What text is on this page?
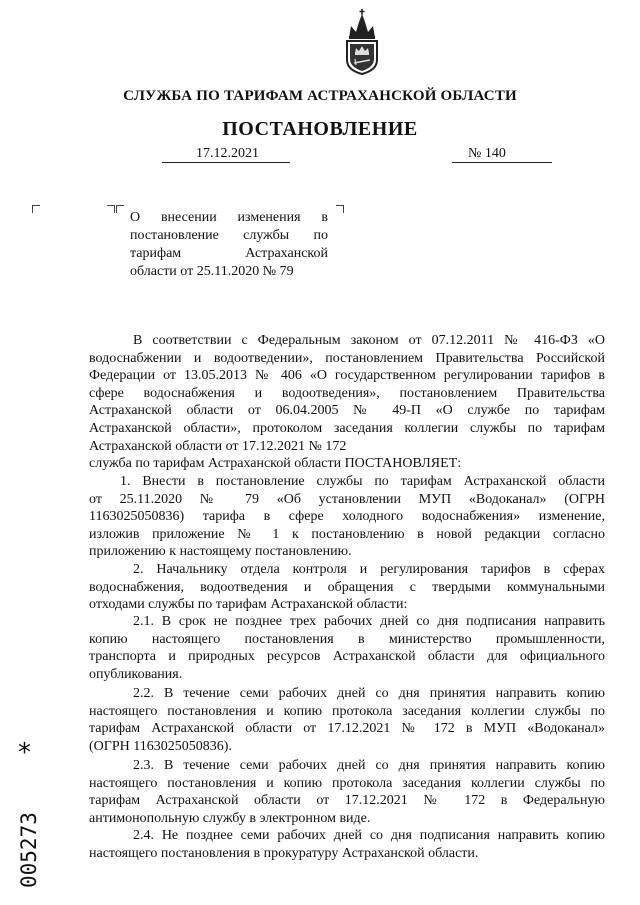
СЛУЖБА ПО ТАРИФАМ АСТРАХАНСКОЙ ОБЛАСТИ
ПОСТАНОВЛЕНИЕ
17.12.2021	№ 140
О внесении изменения в
постановление службы по
тарифам Астраханской
области от 25.11.2020 № 79
В соответствии с Федеральным законом от 07.12.2011 № 416-ФЗ «О
водоснабжении и водоотведении», постановлением Правительства Российской
Федерации от 13.05.2013 № 406 «О государственном регулировании тарифов в
сфере водоснабжения и водоотведения», постановлением Правительства
Астраханской области от 06.04.2005 № 49-П «О службе по тарифам
Астраханской области», протоколом заседания коллегии службы по тарифам
Астраханской области от 17.12.2021 № 172
служба по тарифам Астраханской области ПОСТАНОВЛЯЕТ:
1. Внести в постановление службы по тарифам Астраханской области
от 25.11.2020 № 79 «Об установлении МУП «Водоканал» (ОГРН
1163025050836) тарифа в сфере холодного водоснабжения» изменение,
изложив приложение № 1 к постановлению в новой редакции согласно
приложению к настоящему постановлению.
2. Начальнику отдела контроля и регулирования тарифов в сферах
водоснабжения, водоотведения и обращения с твердыми коммунальными
отходами службы по тарифам Астраханской области:
2.1. В срок не позднее трех рабочих дней со дня подписания направить
копию настоящего постановления в министерство промышленности,
транспорта и природных ресурсов Астраханской области для официального
опубликования.
2.2. В течение семи рабочих дней со дня принятия направить копию
настоящего постановления и копию протокола заседания коллегии службы по
тарифам Астраханской области от 17.12.2021 № 172 в МУП «Водоканал»
(ОГРН 1163025050836).
2.3. В течение семи рабочих дней со дня принятия направить копию
настоящего постановления и копию протокола заседания коллегии службы по
тарифам Астраханской области от 17.12.2021 № 172 в Федеральную
антимонопольную службу в электронном виде.
2.4. Не позднее семи рабочих дней со дня подписания направить копию
настоящего постановления в прокуратуру Астраханской области.
*
005273
